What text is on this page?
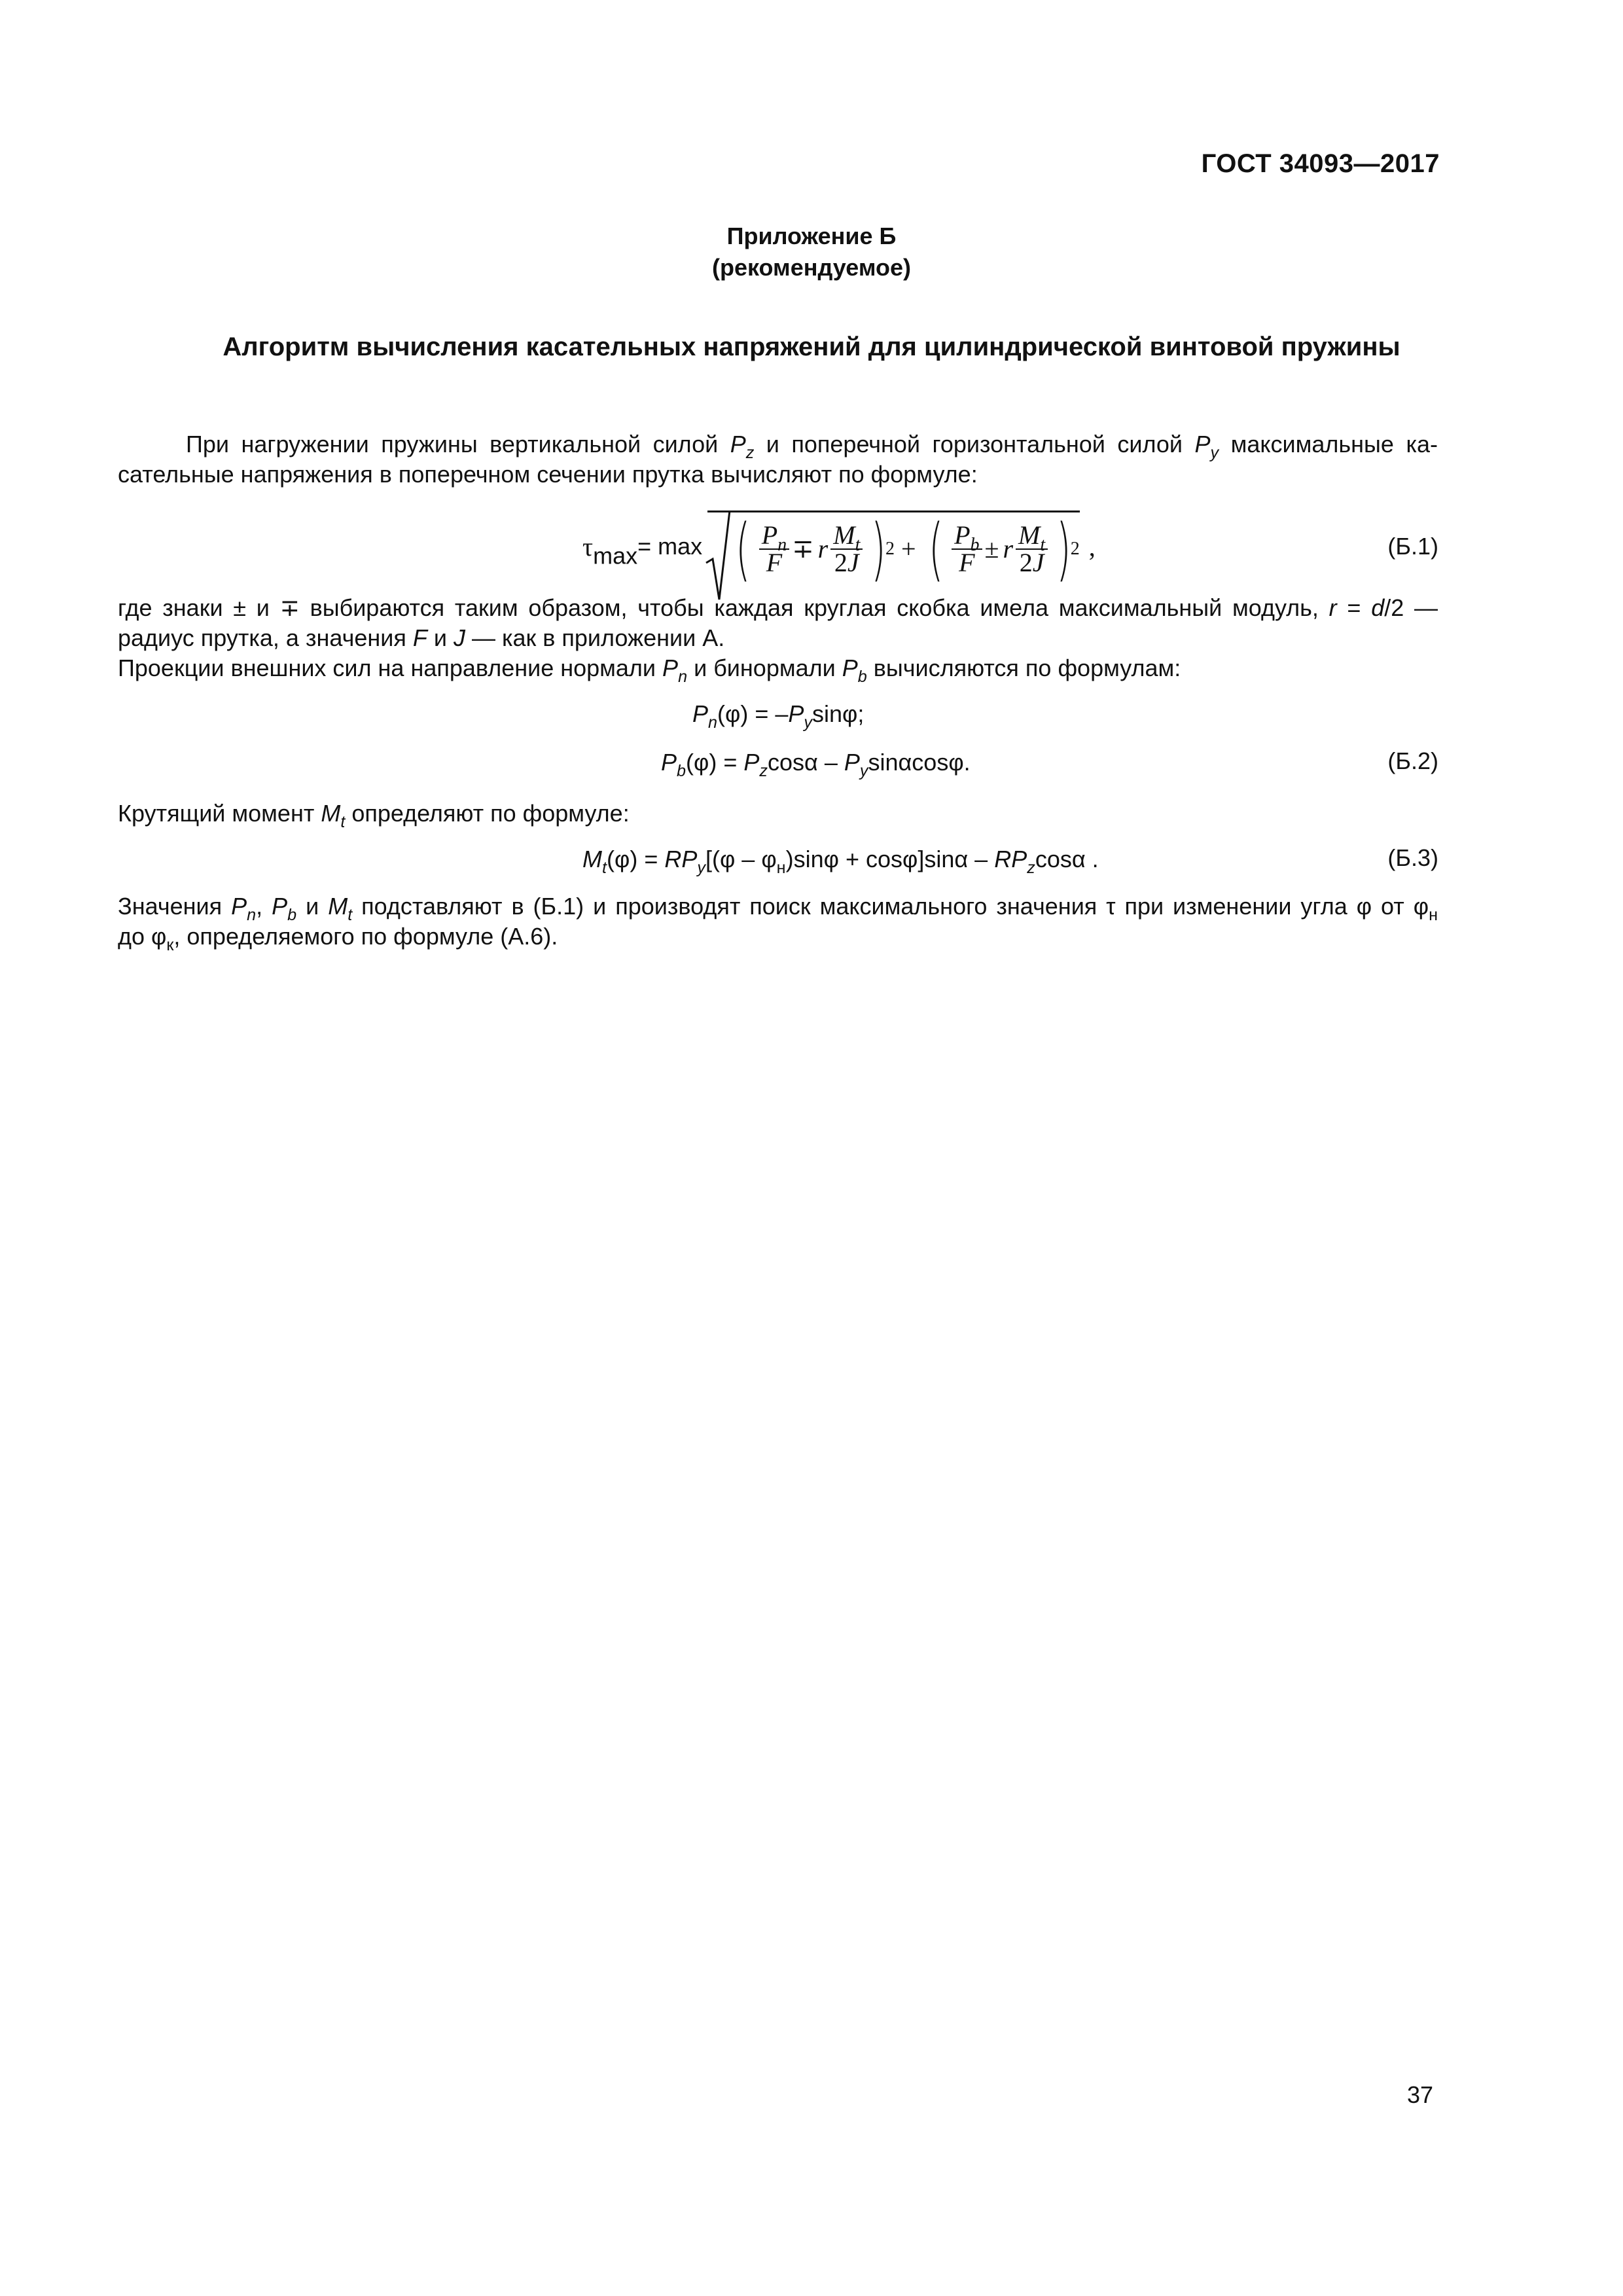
ГОСТ 34093—2017
Приложение Б
(рекомендуемое)
Алгоритм вычисления касательных напряжений для цилиндрической винтовой пружины
При нагружении пружины вертикальной силой $P_z$ и поперечной горизонтальной силой $P_y$ максимальные ка-
сательные напряжения в поперечном сечении прутка вычисляют по формуле:
$\tau_{max} = \max$ ( $\frac{P_n}{F} \mp r \frac{M_t}{2J}$ ) 2 + ( $\frac{P_b}{F} \pm r \frac{M_t}{2J}$ ) 2 ,	(Б.1)
где знаки ± и ∓ выбираются таким образом, чтобы каждая круглая скобка имела максимальный модуль, r = d/2 —
радиус прутка, а значения F и J — как в приложении А.
Проекции внешних сил на направление нормали $P_n$ и бинормали $P_b$ вычисляются по формулам:
$P_n(\varphi) = -P_y\sin\varphi$;
$P_b(\varphi) = P_z\cos\alpha - P_y\sin\alpha\cos\varphi$.	(Б.2)
Крутящий момент $M_t$ определяют по формуле:
$M_t(\varphi) = RP_y[(\varphi - \varphi_н)\sin\varphi + \cos\varphi]\sin\alpha - RP_z\cos\alpha$ .	(Б.3)
Значения $P_n$, $P_b$ и $M_t$ подставляют в (Б.1) и производят поиск максимального значения τ при изменении угла φ от $\varphi_н$
до $\varphi_к$, определяемого по формуле (А.6).
37
